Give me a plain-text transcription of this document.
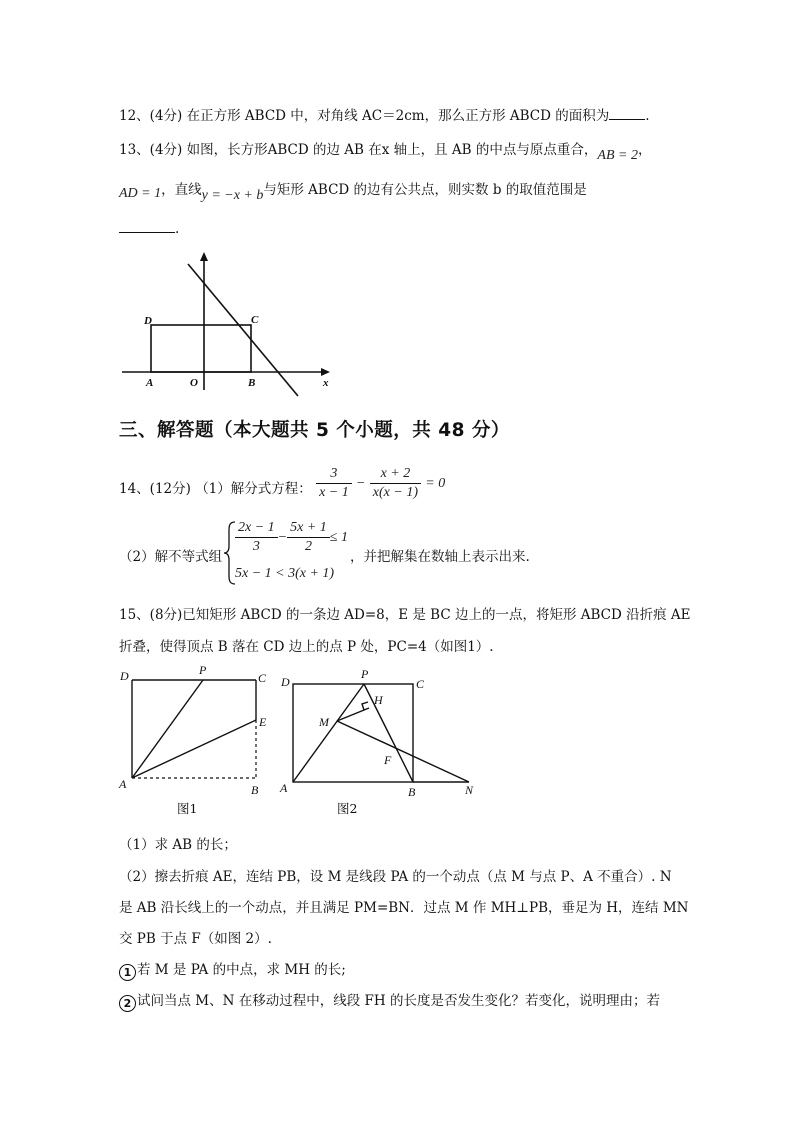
12、(4分) 在正方形 ABCD 中，对角线 AC＝2cm，那么正方形 ABCD 的面积为	.
13、(4分) 如图，长方形ABCD 的边 AB 在x 轴上，且 AB 的中点与原点重合，AB = 2，
AD = 1，直线y = −x + b与矩形 ABCD 的边有公共点，则实数 b 的取值范围是
.
D	C
A	O	B	x
三、解答题（本大题共 5 个小题，共 48 分）
14、(12分) （1）解分式方程： $\frac{3}{x - 1} - \frac{x + 2}{x(x - 1)} = 0$
（2）解不等式组
$\frac{2x - 1}{3} - \frac{5x + 1}{2} \le 1$
，并把解集在数轴上表示出来.
5x − 1 < 3(x + 1)
15、(8分)已知矩形 ABCD 的一条边 AD=8，E 是 BC 边上的一点，将矩形 ABCD 沿折痕 AE
折叠，使得顶点 B 落在 CD 边上的点 P 处，PC=4（如图1）.
D	P
C
E
A	B
图1
D
P
C
H
M
F
A	B	N
图2
（1）求 AB 的长；
（2）擦去折痕 AE，连结 PB，设 M 是线段 PA 的一个动点（点 M 与点 P、A 不重合）. N
是 AB 沿长线上的一个动点，并且满足 PM=BN．过点 M 作 MH⊥PB，垂足为 H，连结 MN
交 PB 于点 F（如图 2）.
1 若 M 是 PA 的中点，求 MH 的长;
2 试问当点 M、N 在移动过程中，线段 FH 的长度是否发生变化？若变化，说明理由；若
